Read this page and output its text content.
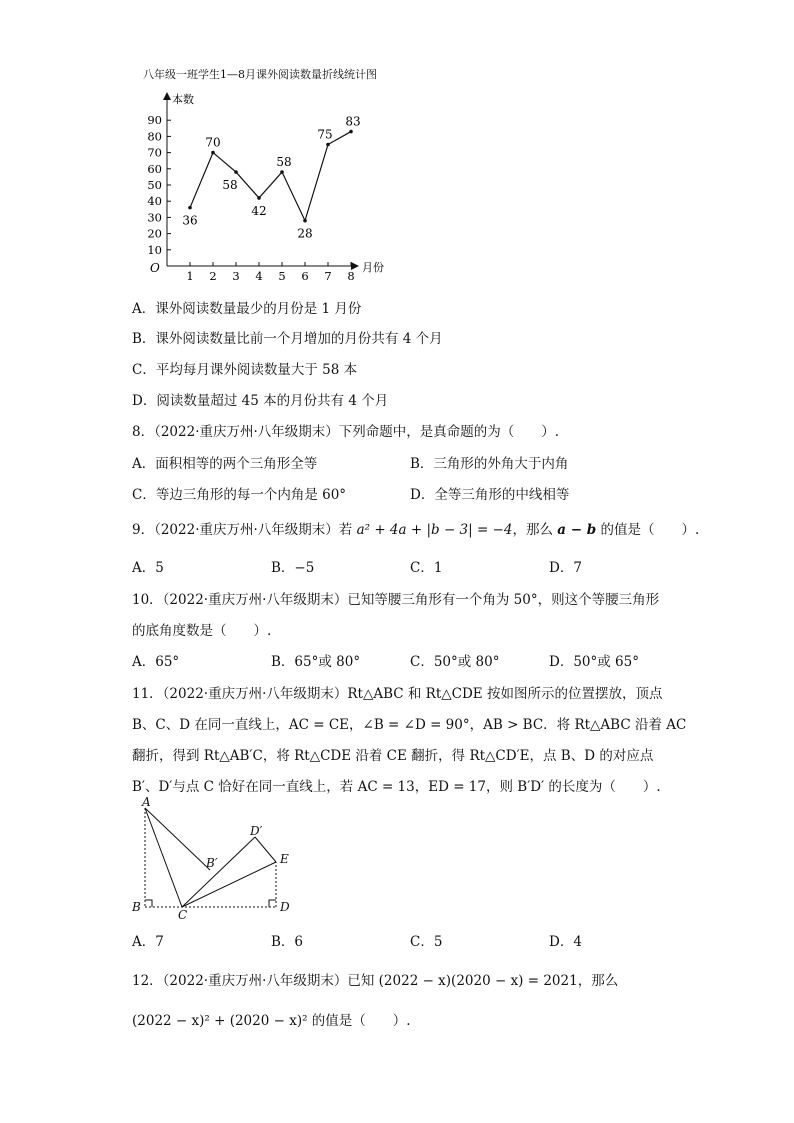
八年级一班学生1—8月课外阅读数量折线统计图
本数
月份
O
10
20
30
40
50
60
70
80
90
1 2 3 4 5 6 7 8
36
70
58
42
58
28
75
83
A．课外阅读数量最少的月份是 1 月份
B．课外阅读数量比前一个月增加的月份共有 4 个月
C．平均每月课外阅读数量大于 58 本
D．阅读数量超过 45 本的月份共有 4 个月
8．（2022·重庆万州·八年级期末）下列命题中，是真命题的为（　　）.
A．面积相等的两个三角形全等	B．三角形的外角大于内角
C．等边三角形的每一个内角是 60°	D．全等三角形的中线相等
9．（2022·重庆万州·八年级期末）若 a² + 4a + |b − 3| = −4，那么 a − b 的值是（　　）.
A．5	B．−5	C．1	D．7
10．（2022·重庆万州·八年级期末）已知等腰三角形有一个角为 50°，则这个等腰三角形
的底角度数是（　　）.
A．65°	B．65°或 80°	C．50°或 80°	D．50°或 65°
11．（2022·重庆万州·八年级期末）Rt△ABC 和 Rt△CDE 按如图所示的位置摆放，顶点
B、C、D 在同一直线上，AC = CE，∠B = ∠D = 90°，AB > BC．将 Rt△ABC 沿着 AC
翻折，得到 Rt△AB′C，将 Rt△CDE 沿着 CE 翻折，得 Rt△CD′E，点 B、D 的对应点
B′、D′与点 C 恰好在同一直线上，若 AC = 13，ED = 17，则 B′D′ 的长度为（　　）.
A
B
C
D
E
D′
B′
A．7	B．6	C．5	D．4
12．（2022·重庆万州·八年级期末）已知 (2022 − x)(2020 − x) = 2021，那么
(2022 − x)² + (2020 − x)² 的值是（　　）.
